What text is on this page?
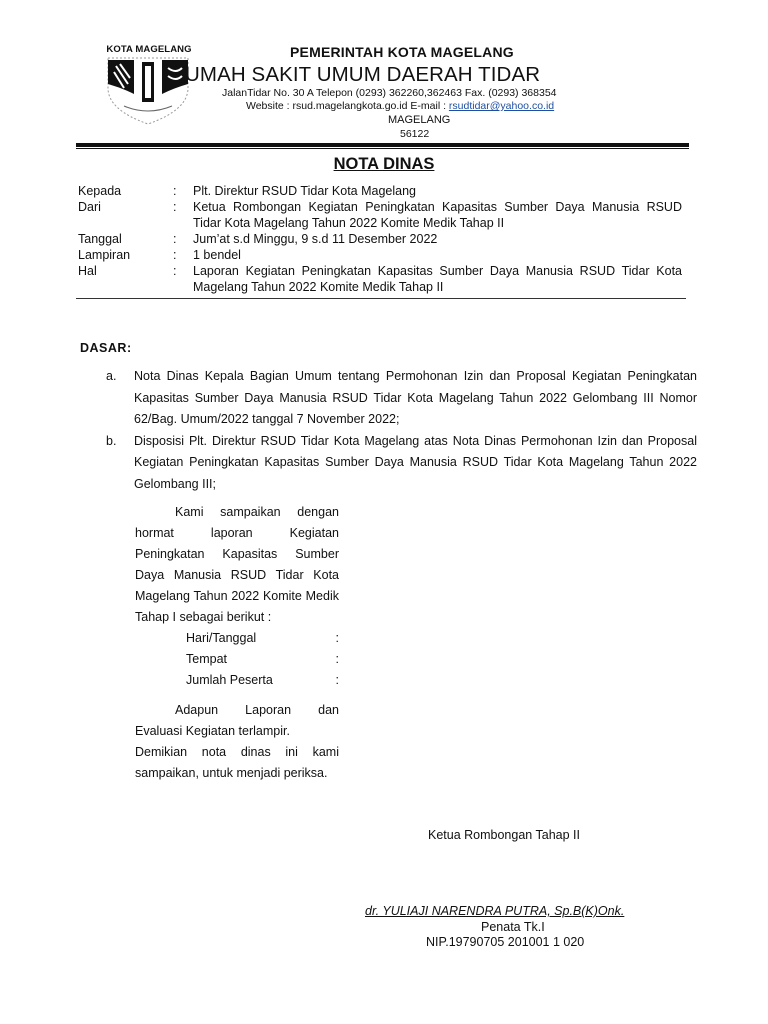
KOTA MAGELANG	PEMERINTAH KOTA MAGELANG
UMAH SAKIT UMUM DAERAH TIDAR
JalanTidar No. 30 A Telepon (0293) 362260,362463 Fax. (0293) 368354
Website : rsud.magelangkota.go.id E-mail : rsudtidar@yahoo.co.id
MAGELANG
56122
NOTA DINAS
Kepada	:	Plt. Direktur RSUD Tidar Kota Magelang
Dari	:	Ketua Rombongan Kegiatan Peningkatan Kapasitas Sumber Daya Manusia RSUD Tidar Kota Magelang Tahun 2022 Komite Medik Tahap II
Tanggal	:	Jum’at s.d Minggu, 9 s.d 11 Desember 2022
Lampiran	:	1 bendel
Hal	:	Laporan Kegiatan Peningkatan Kapasitas Sumber Daya Manusia RSUD Tidar Kota Magelang Tahun 2022 Komite Medik Tahap II
DASAR:
a.	Nota Dinas Kepala Bagian Umum tentang Permohonan Izin dan Proposal Kegiatan Peningkatan Kapasitas Sumber Daya Manusia RSUD Tidar Kota Magelang Tahun 2022 Gelombang III Nomor 62/Bag. Umum/2022 tanggal 7 November 2022;
b.	Disposisi Plt. Direktur RSUD Tidar Kota Magelang atas Nota Dinas Permohonan Izin dan Proposal Kegiatan Peningkatan Kapasitas Sumber Daya Manusia RSUD Tidar Kota Magelang Tahun 2022 Gelombang III;
Kami sampaikan dengan hormat laporan Kegiatan Peningkatan Kapasitas Sumber Daya Manusia RSUD Tidar Kota Magelang Tahun 2022 Komite Medik Tahap I sebagai berikut :
Hari/Tanggal	:
Tempat	:
Jumlah Peserta	:
Adapun Laporan dan Evaluasi Kegiatan terlampir.
Demikian nota dinas ini kami sampaikan, untuk menjadi periksa.
Ketua Rombongan Tahap II
dr. YULIAJI NARENDRA PUTRA, Sp.B(K)Onk.
Penata Tk.I
NIP.19790705 201001 1 020
